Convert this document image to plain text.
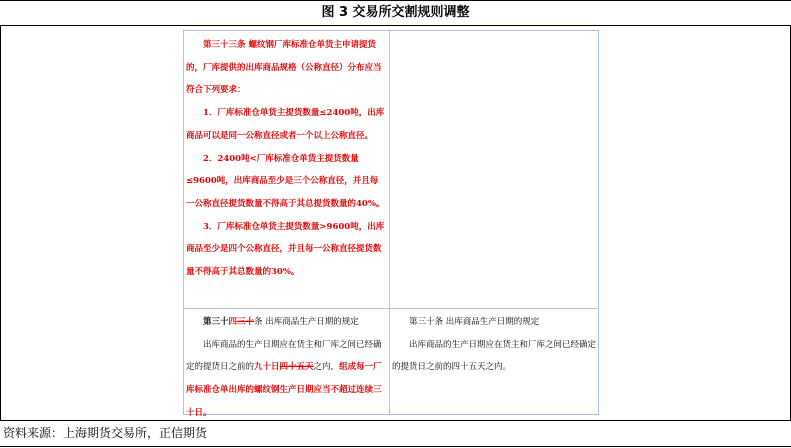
图 3 交易所交割规则调整
·········

第三十三条 螺纹钢厂库标准仓单货主申请提货的，厂库提供的出库商品规格（公称直径）分布应当符合下列要求：

1．厂库标准仓单货主提货数量≤2400吨，出库商品可以是同一公称直径或者一个以上公称直径。

2．2400吨<厂库标准仓单货主提货数量≤9600吨，出库商品至少是三个公称直径，并且每一公称直径提货数量不得高于其总提货数量的40%。

3．厂库标准仓单货主提货数量>9600吨，出库商品至少是四个公称直径，并且每一公称直径提货数量不得高于其总数量的30%。

第三十四三十条 出库商品生产日期的规定

出库商品的生产日期应在货主和厂库之间已经确定的提货日之前的九十日四十五天之内，组成每一厂库标准仓单出库的螺纹钢生产日期应当不超过连续三十日。

第三十条 出库商品生产日期的规定

出库商品的生产日期应在货主和厂库之间已经确定的提货日之前的四十五天之内。

资料来源：上海期货交易所，正信期货
